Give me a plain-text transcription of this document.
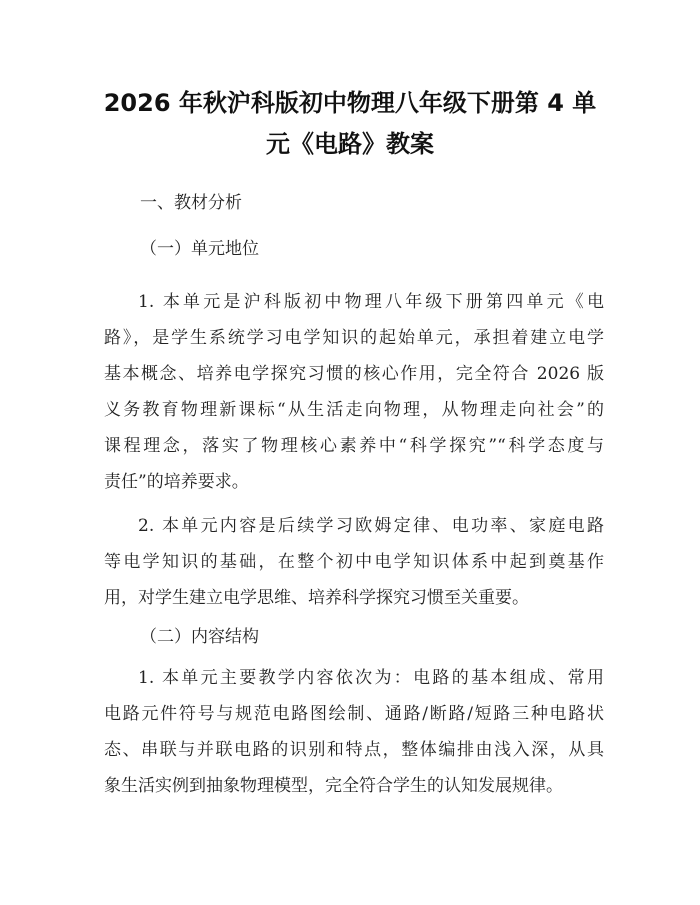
2026 年秋沪科版初中物理八年级下册第 4 单
元《电路》教案
一、教材分析
（一）单元地位
1. 本单元是沪科版初中物理八年级下册第四单元《电
路》，是学生系统学习电学知识的起始单元，承担着建立电学
基本概念、培养电学探究习惯的核心作用，完全符合 2026 版
义务教育物理新课标“从生活走向物理，从物理走向社会”的
课程理念，落实了物理核心素养中“科学探究”“科学态度与
责任”的培养要求。
2. 本单元内容是后续学习欧姆定律、电功率、家庭电路
等电学知识的基础，在整个初中电学知识体系中起到奠基作
用，对学生建立电学思维、培养科学探究习惯至关重要。
（二）内容结构
1. 本单元主要教学内容依次为：电路的基本组成、常用
电路元件符号与规范电路图绘制、通路/断路/短路三种电路状
态、串联与并联电路的识别和特点，整体编排由浅入深，从具
象生活实例到抽象物理模型，完全符合学生的认知发展规律。
